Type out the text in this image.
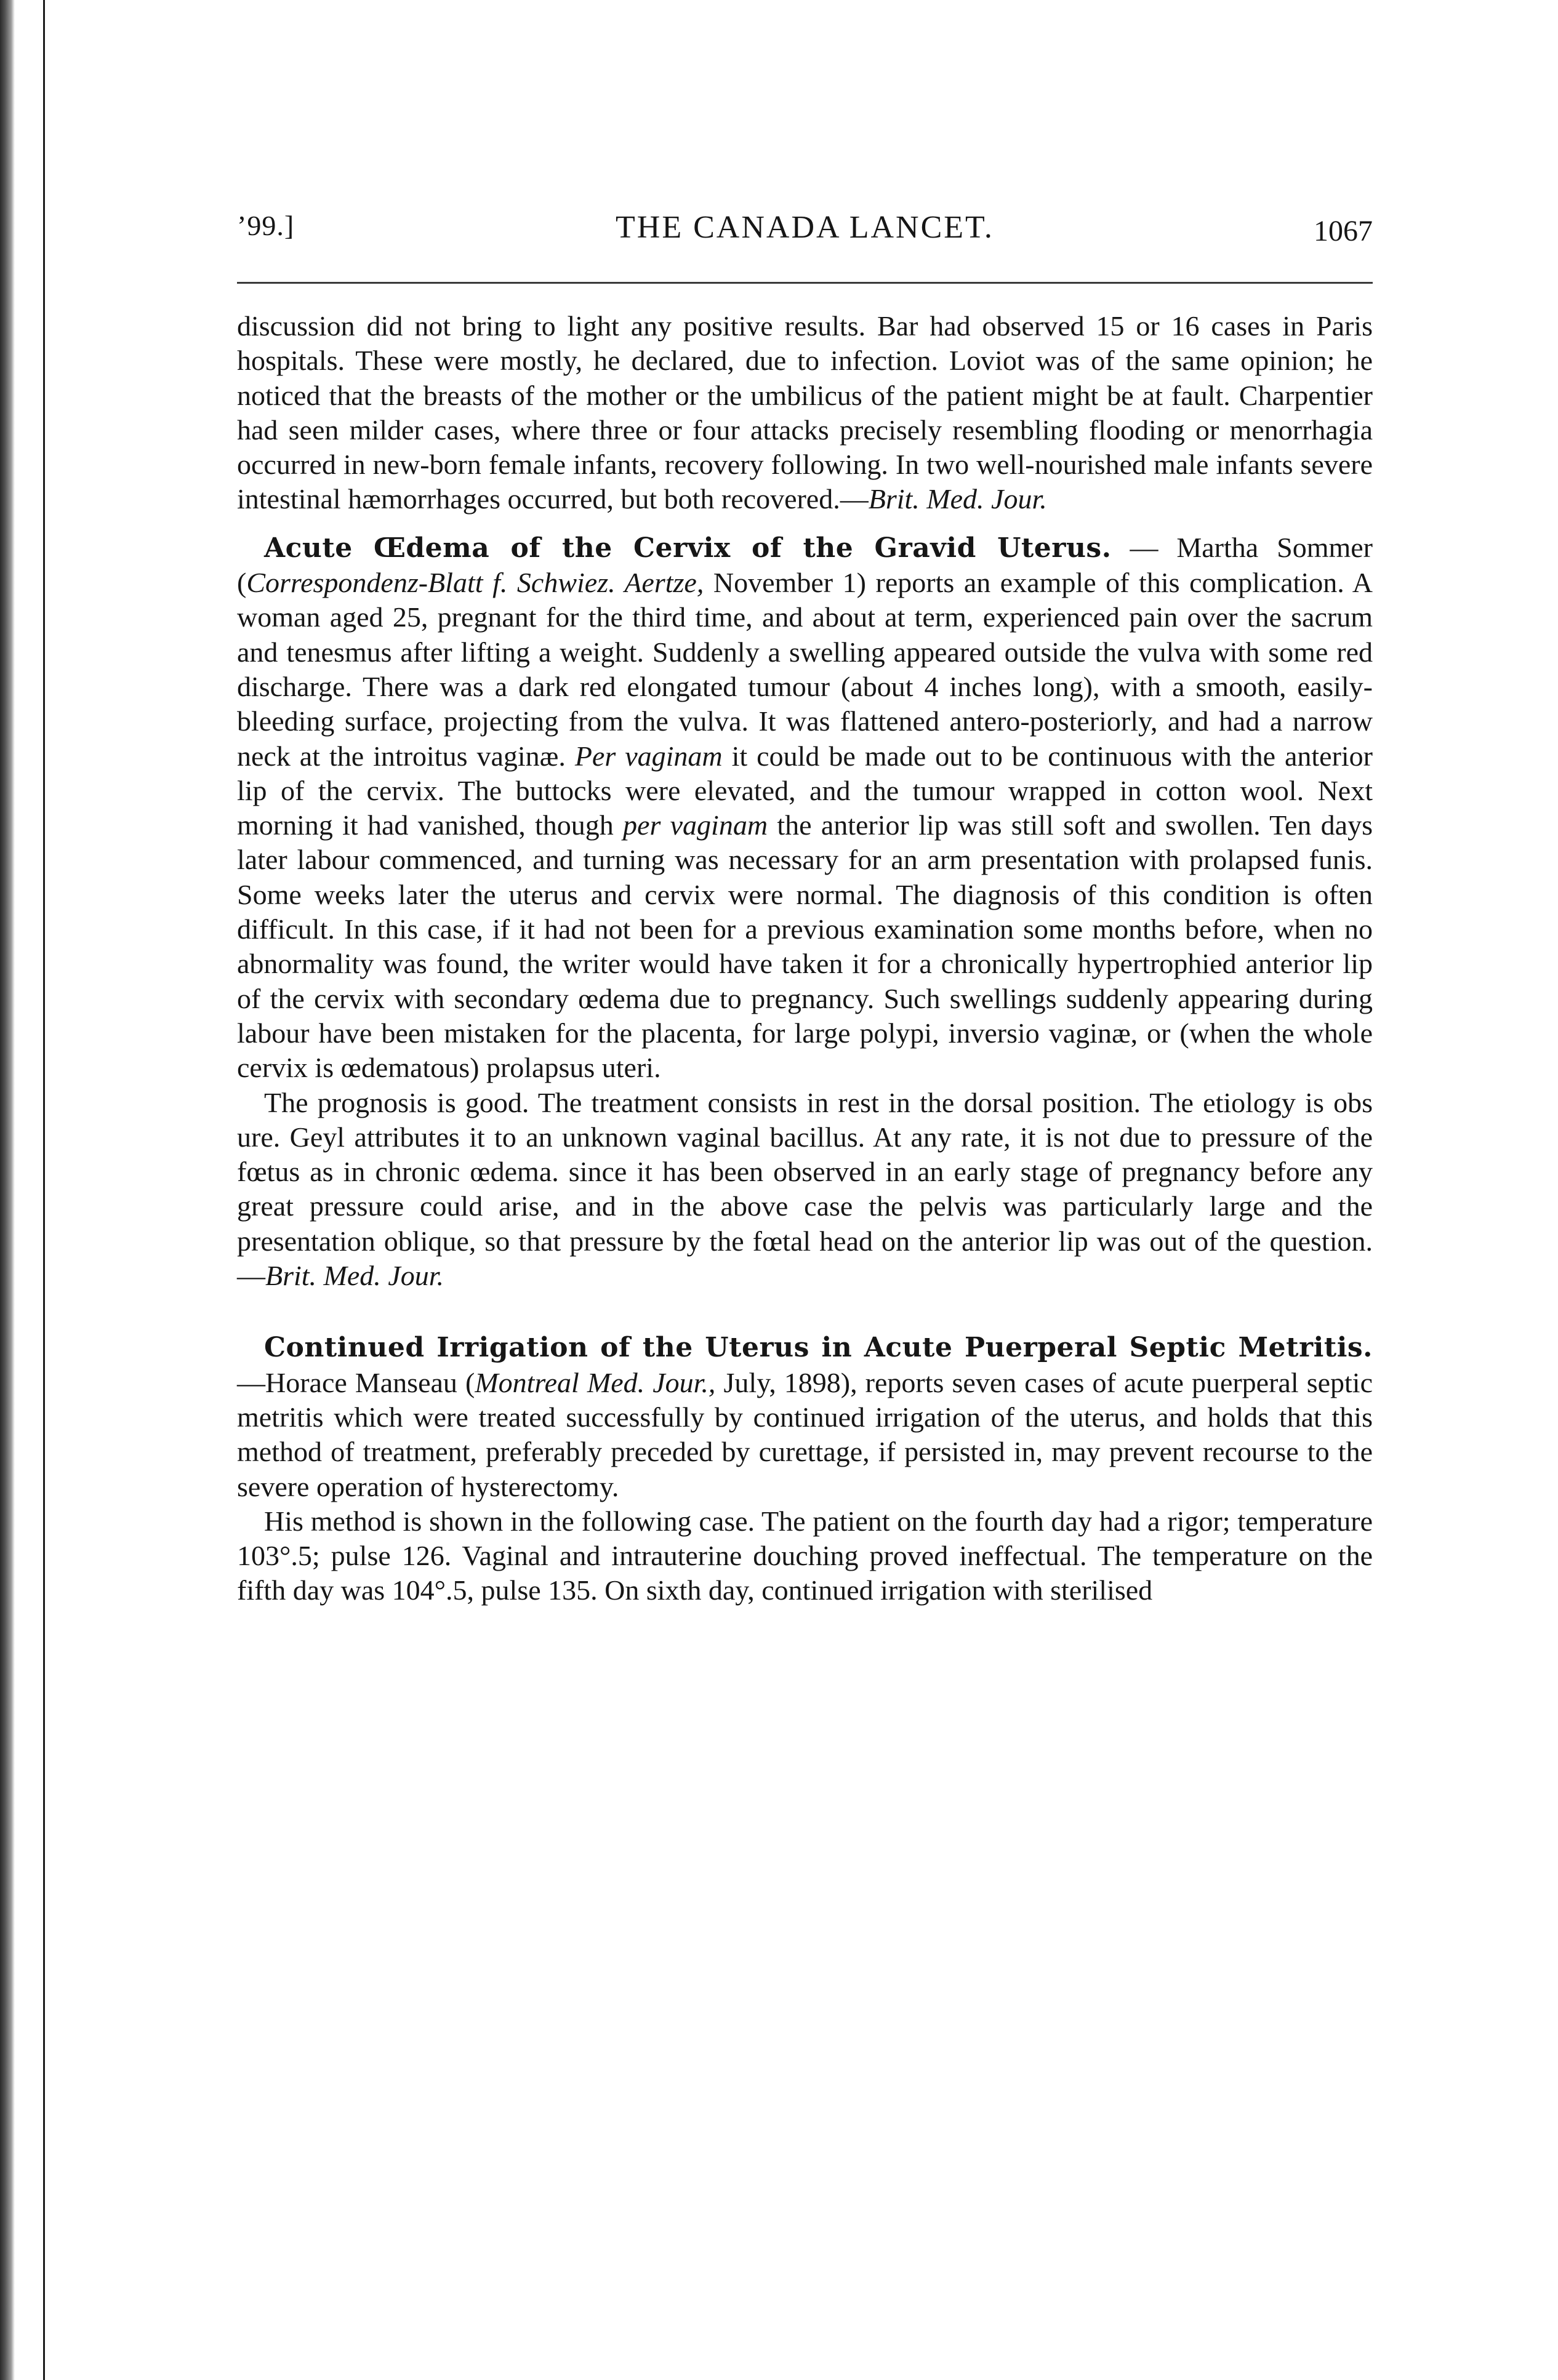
’99.]	THE CANADA LANCET.	1067

discussion did not bring to light any positive results. Bar had observed 15 or 16 cases in Paris hospitals. These were mostly, he declared, due to infection. Loviot was of the same opinion; he noticed that the breasts of the mother or the umbilicus of the patient might be at fault. Charpentier had seen milder cases, where three or four attacks precisely resembling flooding or menorrhagia occurred in new-born female infants, recovery following. In two well-nourished male infants severe intestinal hæmorrhages occurred, but both recovered.—Brit. Med. Jour.

Acute Œdema of the Cervix of the Gravid Uterus. — Martha Sommer (Correspondenz-Blatt f. Schwiez. Aertze, November 1) reports an example of this complication. A woman aged 25, pregnant for the third time, and about at term, experienced pain over the sacrum and tenesmus after lifting a weight. Suddenly a swelling appeared outside the vulva with some red discharge. There was a dark red elongated tumour (about 4 inches long), with a smooth, easily-bleeding surface, projecting from the vulva. It was flattened antero-posteriorly, and had a narrow neck at the introitus vaginæ. Per vaginam it could be made out to be continuous with the anterior lip of the cervix. The buttocks were elevated, and the tumour wrapped in cotton wool. Next morning it had vanished, though per vaginam the anterior lip was still soft and swollen. Ten days later labour commenced, and turning was necessary for an arm presentation with prolapsed funis. Some weeks later the uterus and cervix were normal. The diagnosis of this condition is often difficult. In this case, if it had not been for a previous examination some months before, when no abnormality was found, the writer would have taken it for a chronically hypertrophied anterior lip of the cervix with secondary œdema due to pregnancy. Such swellings suddenly appearing during labour have been mistaken for the placenta, for large polypi, inversio vaginæ, or (when the whole cervix is œdematous) prolapsus uteri.

The prognosis is good. The treatment consists in rest in the dorsal position. The etiology is obs ure. Geyl attributes it to an unknown vaginal bacillus. At any rate, it is not due to pressure of the fœtus as in chronic œdema. since it has been observed in an early stage of pregnancy before any great pressure could arise, and in the above case the pelvis was particularly large and the presentation oblique, so that pressure by the fœtal head on the anterior lip was out of the question.—Brit. Med. Jour.

Continued Irrigation of the Uterus in Acute Puerperal Septic Metritis.—Horace Manseau (Montreal Med. Jour., July, 1898), reports seven cases of acute puerperal septic metritis which were treated successfully by continued irrigation of the uterus, and holds that this method of treatment, preferably preceded by curettage, if persisted in, may prevent recourse to the severe operation of hysterectomy.

His method is shown in the following case. The patient on the fourth day had a rigor; temperature 103°.5; pulse 126. Vaginal and intrauterine douching proved ineffectual. The temperature on the fifth day was 104°.5, pulse 135. On sixth day, continued irrigation with sterilised
